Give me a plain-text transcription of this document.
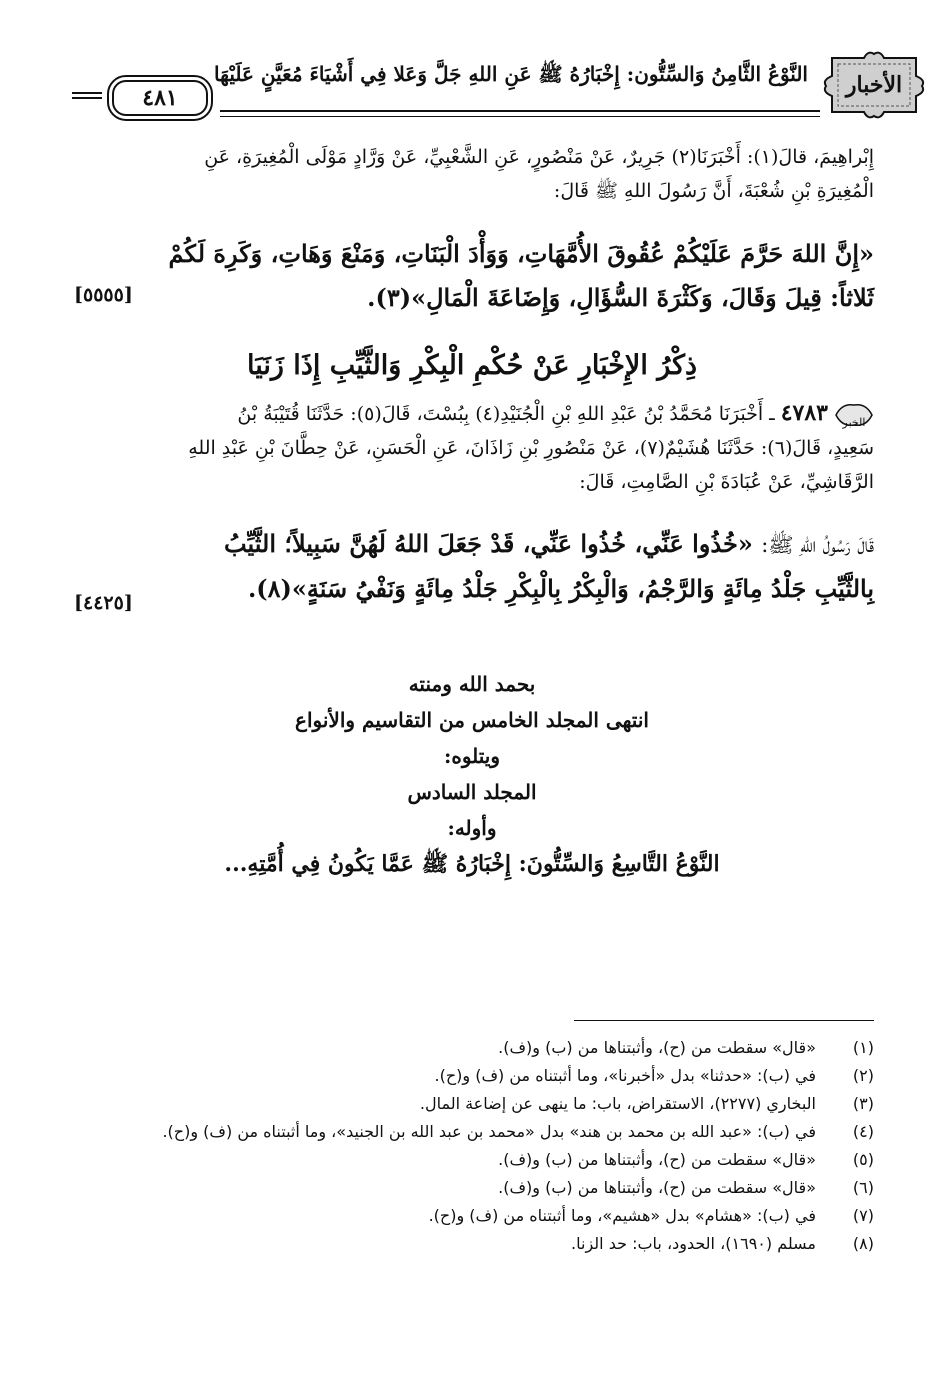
الأخبار
النَّوْعُ الثَّامِنُ وَالسِّتُّون: إِخْبَارُهُ ﷺ عَنِ اللهِ جَلَّ وَعَلا فِي أَشْيَاءَ مُعَيَّنٍ عَلَيْهَا
٤٨١
إِبْراهِيمَ، قالَ(١): أَخْبَرَنَا(٢) جَرِيرٌ، عَنْ مَنْصُورٍ، عَنِ الشَّعْبِيِّ، عَنْ وَرَّادٍ مَوْلَى الْمُغِيرَةِ، عَنِ
الْمُغِيرَةِ بْنِ شُعْبَةَ، أَنَّ رَسُولَ اللهِ ﷺ قَالَ:
«إِنَّ اللهَ حَرَّمَ عَلَيْكُمْ عُقُوقَ الأُمَّهَاتِ، وَوَأْدَ الْبَنَاتِ، وَمَنْعَ وَهَاتِ، وَكَرِهَ لَكُمْ
ثَلاثاً: قِيلَ وَقَالَ، وَكَثْرَةَ السُّؤَالِ، وَإِضَاعَةَ الْمَالِ»(٣).
[٥٥٥٥]
ذِكْرُ الإِخْبَارِ عَنْ حُكْمِ الْبِكْرِ وَالثَّيِّبِ إِذَا زَنَيَا
الخبر
٤٧٨٣ـ أَخْبَرَنَا مُحَمَّدُ بْنُ عَبْدِ اللهِ بْنِ الْجُنَيْدِ(٤) بِبُسْتَ، قَالَ(٥): حَدَّثَنَا قُتَيْبَةُ بْنُ
سَعِيدٍ، قَالَ(٦): حَدَّثَنَا هُشَيْمٌ(٧)، عَنْ مَنْصُورِ بْنِ زَاذَانَ، عَنِ الْحَسَنِ، عَنْ حِطَّانَ بْنِ عَبْدِ اللهِ
الرَّقَاشِيِّ، عَنْ عُبَادَةَ بْنِ الصَّامِتِ، قَالَ:
قَالَ رَسُولُ اللهِ ﷺ: «خُذُوا عَنِّي، خُذُوا عَنِّي، قَدْ جَعَلَ اللهُ لَهُنَّ سَبِيلاً؛ الثَّيِّبُ
بِالثَّيِّبِ جَلْدُ مِائَةٍ وَالرَّجْمُ، وَالْبِكْرُ بِالْبِكْرِ جَلْدُ مِائَةٍ وَنَفْيُ سَنَةٍ»(٨).
[٤٤٢٥]
بحمد الله ومنته
انتهى المجلد الخامس من التقاسيم والأنواع
ويتلوه:
المجلد السادس
وأوله:
النَّوْعُ التَّاسِعُ وَالسِّتُّونَ: إِخْبَارُهُ ﷺ عَمَّا يَكُونُ فِي أُمَّتِهِ...
(١)
«قال» سقطت من (ح)، وأثبتناها من (ب) و(ف).
(٢)
في (ب): «حدثنا» بدل «أخبرنا»، وما أثبتناه من (ف) و(ح).
(٣)
البخاري (٢٢٧٧)، الاستقراض، باب: ما ينهى عن إضاعة المال.
(٤)
في (ب): «عبد الله بن محمد بن هند» بدل «محمد بن عبد الله بن الجنيد»، وما أثبتناه من (ف) و(ح).
(٥)
«قال» سقطت من (ح)، وأثبتناها من (ب) و(ف).
(٦)
«قال» سقطت من (ح)، وأثبتناها من (ب) و(ف).
(٧)
في (ب): «هشام» بدل «هشيم»، وما أثبتناه من (ف) و(ح).
(٨)
مسلم (١٦٩٠)، الحدود، باب: حد الزنا.
